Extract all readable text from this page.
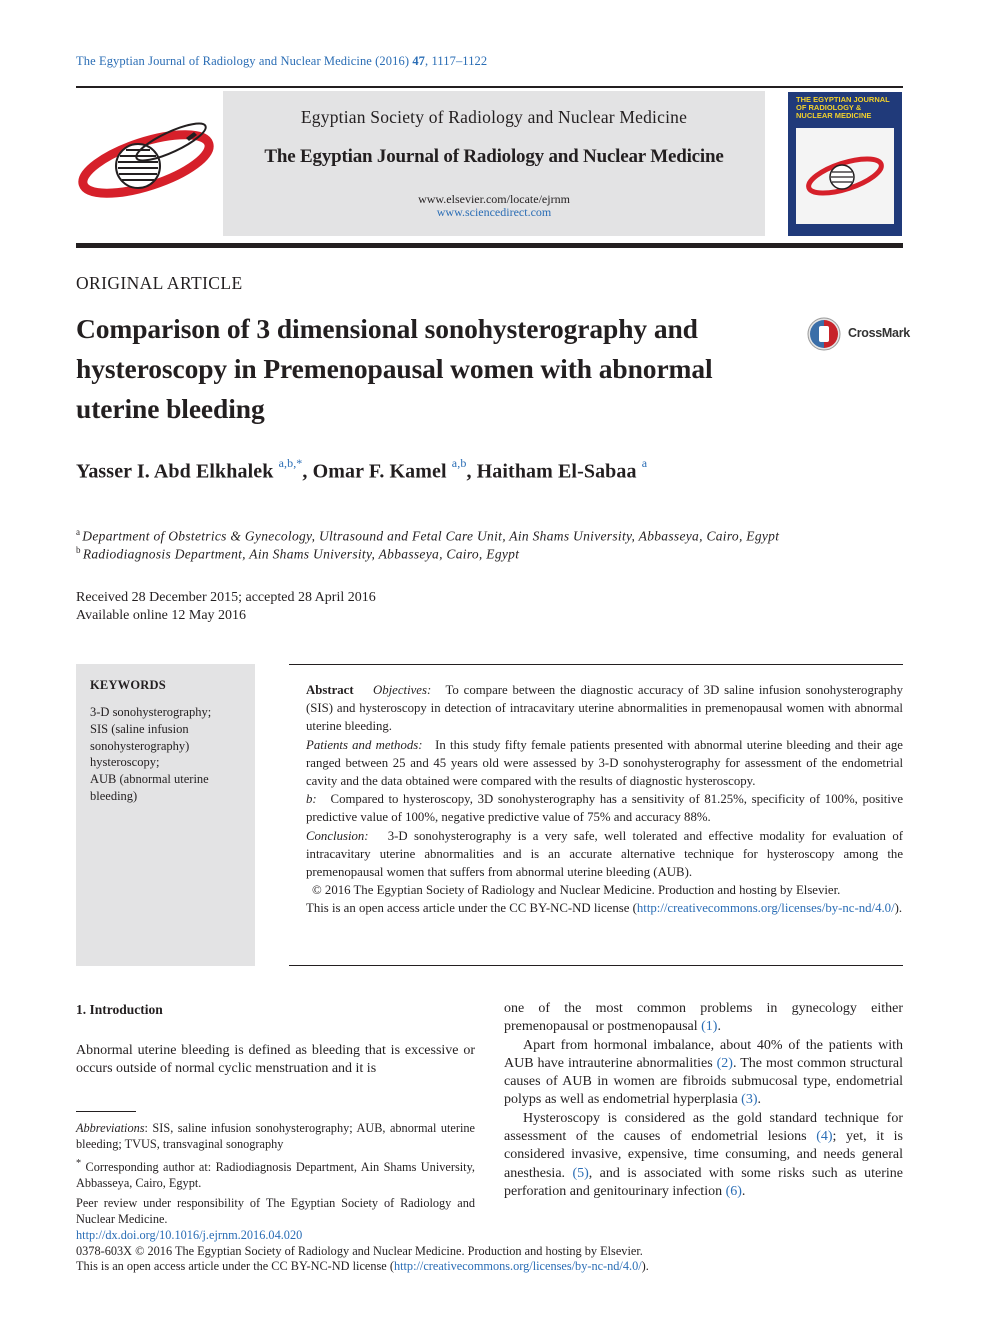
The Egyptian Journal of Radiology and Nuclear Medicine (2016) 47, 1117–1122
Egyptian Society of Radiology and Nuclear Medicine
The Egyptian Journal of Radiology and Nuclear Medicine
www.elsevier.com/locate/ejrnm
www.sciencedirect.com
THE EGYPTIAN JOURNAL OF RADIOLOGY & NUCLEAR MEDICINE
ORIGINAL ARTICLE
Comparison of 3 dimensional sonohysterography and hysteroscopy in Premenopausal women with abnormal uterine bleeding
CrossMark
Yasser I. Abd Elkhalek $^{a,b,*}$, Omar F. Kamel $^{a,b}$, Haitham El-Sabaa $^a$
$^a$ Department of Obstetrics & Gynecology, Ultrasound and Fetal Care Unit, Ain Shams University, Abbasseya, Cairo, Egypt
$^b$ Radiodiagnosis Department, Ain Shams University, Abbasseya, Cairo, Egypt
Received 28 December 2015; accepted 28 April 2016
Available online 12 May 2016
KEYWORDS
3-D sonohysterography;
SIS (saline infusion sonohysterography)
hysteroscopy;
AUB (abnormal uterine bleeding)
Abstract Objectives: To compare between the diagnostic accuracy of 3D saline infusion sonohysterography (SIS) and hysteroscopy in detection of intracavitary uterine abnormalities in premenopausal women with abnormal uterine bleeding.
Patients and methods: In this study fifty female patients presented with abnormal uterine bleeding and their age ranged between 25 and 45 years old were assessed by 3-D sonohysterography for assessment of the endometrial cavity and the data obtained were compared with the results of diagnostic hysteroscopy.
b: Compared to hysteroscopy, 3D sonohysterography has a sensitivity of 81.25%, specificity of 100%, positive predictive value of 100%, negative predictive value of 75% and accuracy 88%.
Conclusion: 3-D sonohysterography is a very safe, well tolerated and effective modality for evaluation of intracavitary uterine abnormalities and is an accurate alternative technique for hysteroscopy among the premenopausal women that suffers from abnormal uterine bleeding (AUB).
© 2016 The Egyptian Society of Radiology and Nuclear Medicine. Production and hosting by Elsevier.
This is an open access article under the CC BY-NC-ND license (http://creativecommons.org/licenses/by-nc-nd/4.0/).
1. Introduction
Abnormal uterine bleeding is defined as bleeding that is excessive or occurs outside of normal cyclic menstruation and it is

Abbreviations: SIS, saline infusion sonohysterography; AUB, abnormal uterine bleeding; TVUS, transvaginal sonography

* Corresponding author at: Radiodiagnosis Department, Ain Shams University, Abbasseya, Cairo, Egypt.

Peer review under responsibility of The Egyptian Society of Radiology and Nuclear Medicine.

one of the most common problems in gynecology either premenopausal or postmenopausal (1).
Apart from hormonal imbalance, about 40% of the patients with AUB have intrauterine abnormalities (2). The most common structural causes of AUB in women are fibroids submucosal type, endometrial polyps as well as endometrial hyperplasia (3).
Hysteroscopy is considered as the gold standard technique for assessment of the causes of endometrial lesions (4); yet, it is considered invasive, expensive, time consuming, and needs general anesthesia. (5), and is associated with some risks such as uterine perforation and genitourinary infection (6).
http://dx.doi.org/10.1016/j.ejrnm.2016.04.020
0378-603X © 2016 The Egyptian Society of Radiology and Nuclear Medicine. Production and hosting by Elsevier.
This is an open access article under the CC BY-NC-ND license (http://creativecommons.org/licenses/by-nc-nd/4.0/).
